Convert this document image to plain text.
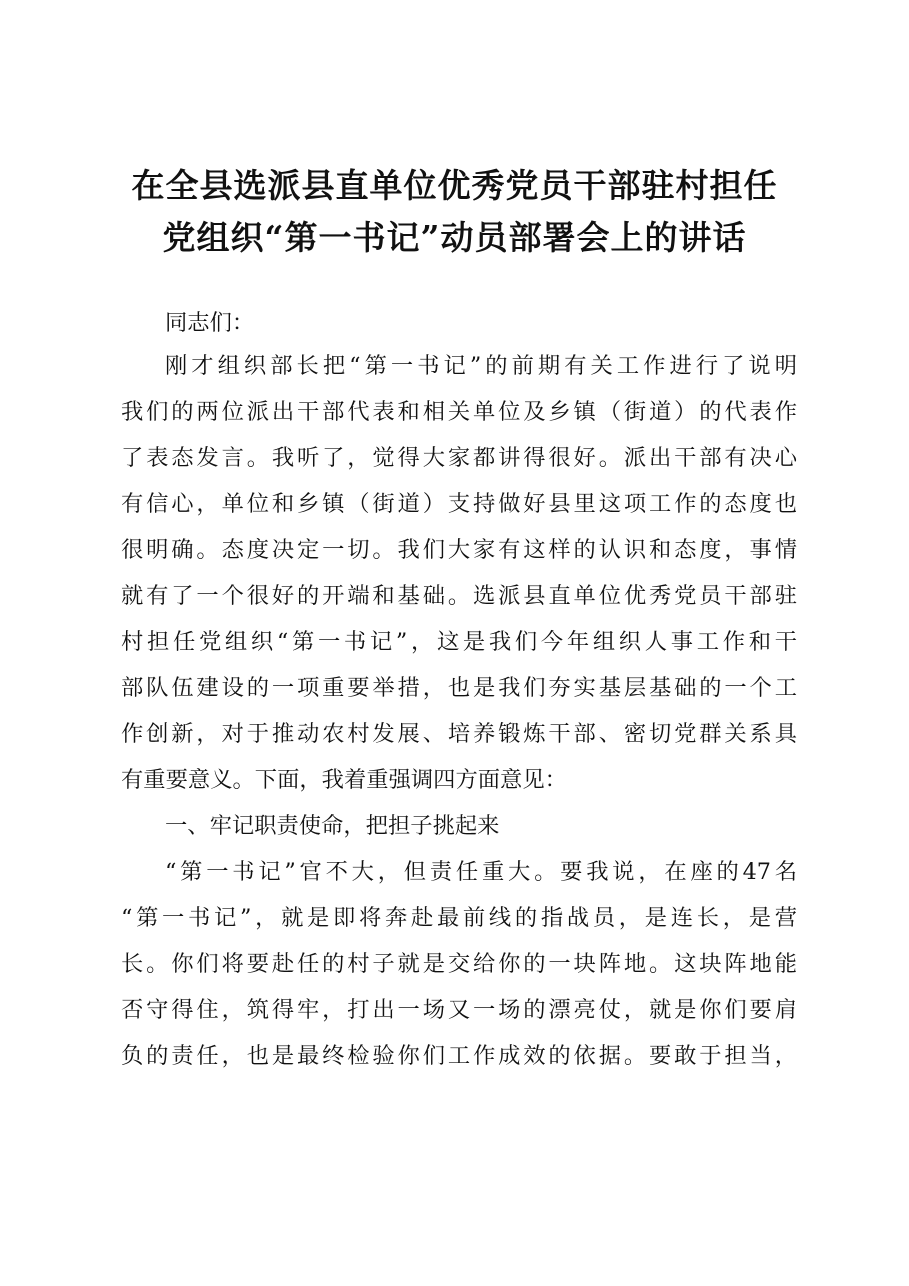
在全县选派县直单位优秀党员干部驻村担任
党组织“第一书记”动员部署会上的讲话
同志们：
刚才组织部长把“第一书记”的前期有关工作进行了说明
我们的两位派出干部代表和相关单位及乡镇（街道）的代表作
了表态发言。我听了，觉得大家都讲得很好。派出干部有决心
有信心，单位和乡镇（街道）支持做好县里这项工作的态度也
很明确。态度决定一切。我们大家有这样的认识和态度，事情
就有了一个很好的开端和基础。选派县直单位优秀党员干部驻
村担任党组织“第一书记”，这是我们今年组织人事工作和干
部队伍建设的一项重要举措，也是我们夯实基层基础的一个工
作创新，对于推动农村发展、培养锻炼干部、密切党群关系具
有重要意义。下面，我着重强调四方面意见：
一、牢记职责使命，把担子挑起来
“第一书记”官不大，但责任重大。要我说，在座的47名
“第一书记”，就是即将奔赴最前线的指战员，是连长，是营
长。你们将要赴任的村子就是交给你的一块阵地。这块阵地能
否守得住，筑得牢，打出一场又一场的漂亮仗，就是你们要肩
负的责任，也是最终检验你们工作成效的依据。要敢于担当，
